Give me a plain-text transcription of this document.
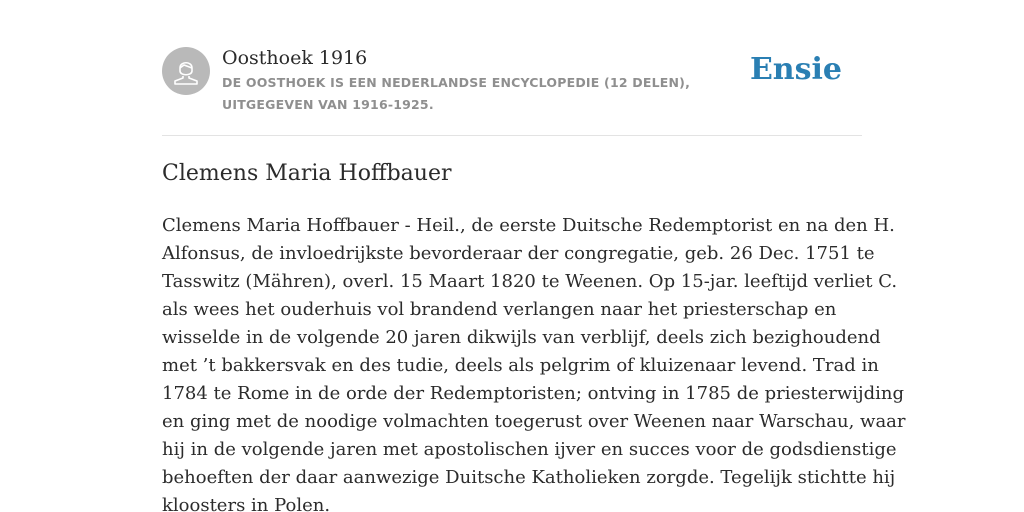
Oosthoek 1916
DE OOSTHOEK IS EEN NEDERLANDSE ENCYCLOPEDIE (12 DELEN), UITGEGEVEN VAN 1916-1925.
Ensie
Clemens Maria Hoffbauer

Clemens Maria Hoffbauer - Heil., de eerste Duitsche Redemptorist en na den H.
Alfonsus, de invloedrijkste bevorderaar der congregatie, geb. 26 Dec. 1751 te
Tasswitz (Mähren), overl. 15 Maart 1820 te Weenen. Op 15-jar. leeftijd verliet C.
als wees het ouderhuis vol brandend verlangen naar het priesterschap en
wisselde in de volgende 20 jaren dikwijls van verblijf, deels zich bezighoudend
met ’t bakkersvak en des tudie, deels als pelgrim of kluizenaar levend. Trad in
1784 te Rome in de orde der Redemptoristen; ontving in 1785 de priesterwijding
en ging met de noodige volmachten toegerust over Weenen naar Warschau, waar
hij in de volgende jaren met apostolischen ijver en succes voor de godsdienstige
behoeften der daar aanwezige Duitsche Katholieken zorgde. Tegelijk stichtte hij
kloosters in Polen.
